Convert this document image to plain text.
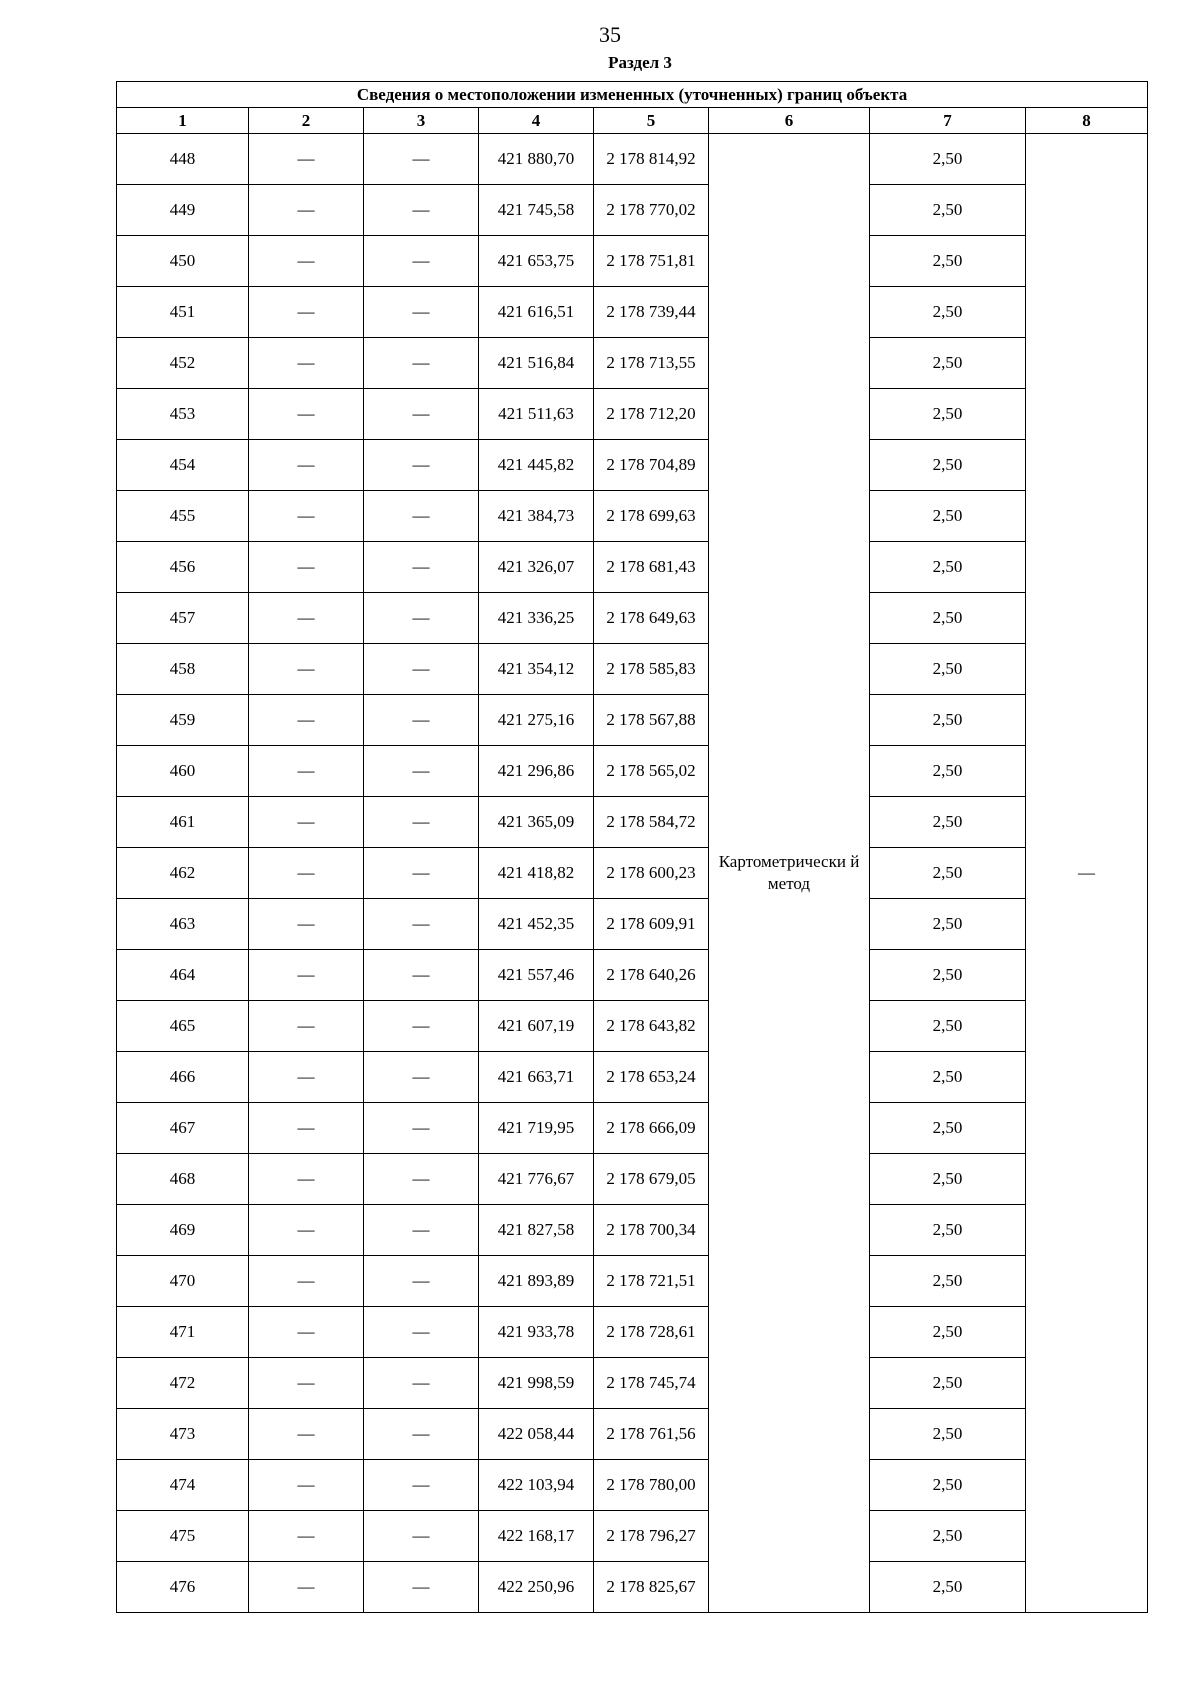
35
Раздел 3
Сведения о местоположении измененных (уточненных) границ объекта							
1	2	3	4	5	6	7	8
448	—	—	421 880,70	2 178 814,92	Картометрически й метод	2,50	—
449	—	—	421 745,58	2 178 770,02		2,50	
450	—	—	421 653,75	2 178 751,81		2,50	
451	—	—	421 616,51	2 178 739,44		2,50	
452	—	—	421 516,84	2 178 713,55		2,50	
453	—	—	421 511,63	2 178 712,20		2,50	
454	—	—	421 445,82	2 178 704,89		2,50	
455	—	—	421 384,73	2 178 699,63		2,50	
456	—	—	421 326,07	2 178 681,43		2,50	
457	—	—	421 336,25	2 178 649,63		2,50	
458	—	—	421 354,12	2 178 585,83		2,50	
459	—	—	421 275,16	2 178 567,88		2,50	
460	—	—	421 296,86	2 178 565,02		2,50	
461	—	—	421 365,09	2 178 584,72		2,50	
462	—	—	421 418,82	2 178 600,23		2,50	
463	—	—	421 452,35	2 178 609,91		2,50	
464	—	—	421 557,46	2 178 640,26		2,50	
465	—	—	421 607,19	2 178 643,82		2,50	
466	—	—	421 663,71	2 178 653,24		2,50	
467	—	—	421 719,95	2 178 666,09		2,50	
468	—	—	421 776,67	2 178 679,05		2,50	
469	—	—	421 827,58	2 178 700,34		2,50	
470	—	—	421 893,89	2 178 721,51		2,50	
471	—	—	421 933,78	2 178 728,61		2,50	
472	—	—	421 998,59	2 178 745,74		2,50	
473	—	—	422 058,44	2 178 761,56		2,50	
474	—	—	422 103,94	2 178 780,00		2,50	
475	—	—	422 168,17	2 178 796,27		2,50	
476	—	—	422 250,96	2 178 825,67		2,50	
